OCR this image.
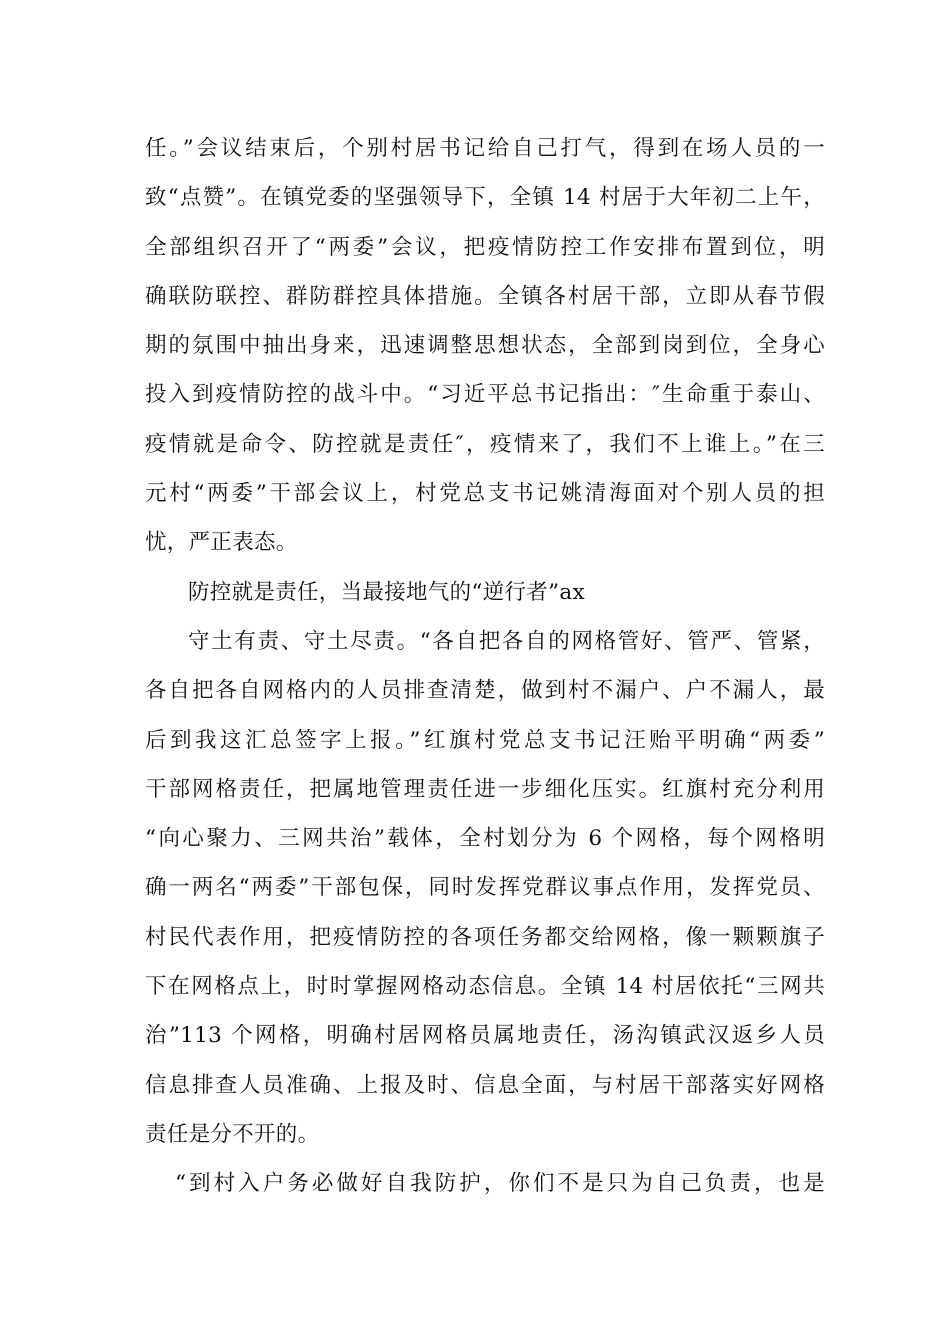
任。”会议结束后，个别村居书记给自己打气，得到在场人员的一
致“点赞”。在镇党委的坚强领导下，全镇 14 村居于大年初二上午，
全部组织召开了“两委”会议，把疫情防控工作安排布置到位，明
确联防联控、群防群控具体措施。全镇各村居干部，立即从春节假
期的氛围中抽出身来，迅速调整思想状态，全部到岗到位，全身心
投入到疫情防控的战斗中。“习近平总书记指出：″生命重于泰山、
疫情就是命令、防控就是责任″，疫情来了，我们不上谁上。”在三
元村“两委”干部会议上，村党总支书记姚清海面对个别人员的担
忧，严正表态。
防控就是责任，当最接地气的“逆行者”ax
守土有责、守土尽责。“各自把各自的网格管好、管严、管紧，
各自把各自网格内的人员排查清楚，做到村不漏户、户不漏人，最
后到我这汇总签字上报。”红旗村党总支书记汪贻平明确“两委”
干部网格责任，把属地管理责任进一步细化压实。红旗村充分利用
“向心聚力、三网共治”载体，全村划分为 6 个网格，每个网格明
确一两名“两委”干部包保，同时发挥党群议事点作用，发挥党员、
村民代表作用，把疫情防控的各项任务都交给网格，像一颗颗旗子
下在网格点上，时时掌握网格动态信息。全镇 14 村居依托“三网共
治”113 个网格，明确村居网格员属地责任，汤沟镇武汉返乡人员
信息排查人员准确、上报及时、信息全面，与村居干部落实好网格
责任是分不开的。
“到村入户务必做好自我防护，你们不是只为自己负责，也是
